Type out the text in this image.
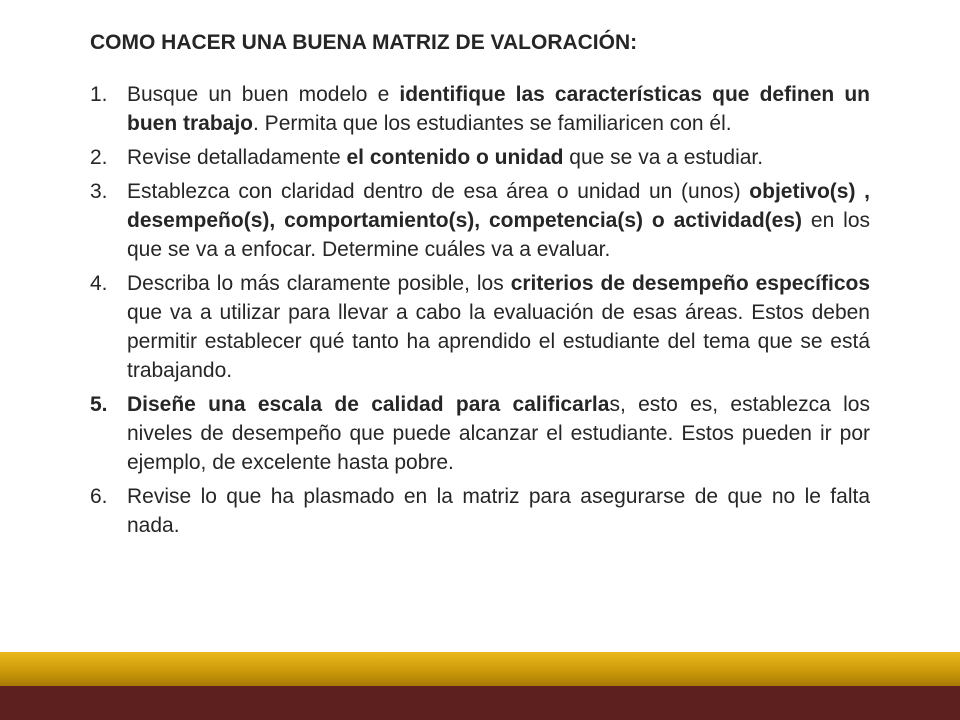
COMO HACER UNA BUENA MATRIZ DE VALORACIÓN:
1. Busque un buen modelo e identifique las características que definen un buen trabajo. Permita que los estudiantes se familiaricen con él.
2. Revise detalladamente el contenido o unidad que se va a estudiar.
3. Establezca con claridad dentro de esa área o unidad un (unos) objetivo(s) , desempeño(s), comportamiento(s), competencia(s) o actividad(es) en los que se va a enfocar. Determine cuáles va a evaluar.
4. Describa lo más claramente posible, los criterios de desempeño específicos que va a utilizar para llevar a cabo la evaluación de esas áreas. Estos deben permitir establecer qué tanto ha aprendido el estudiante del tema que se está trabajando.
5. Diseñe una escala de calidad para calificarlas, esto es, establezca los niveles de desempeño que puede alcanzar el estudiante. Estos pueden ir por ejemplo, de excelente hasta pobre.
6. Revise lo que ha plasmado en la matriz para asegurarse de que no le falta nada.
